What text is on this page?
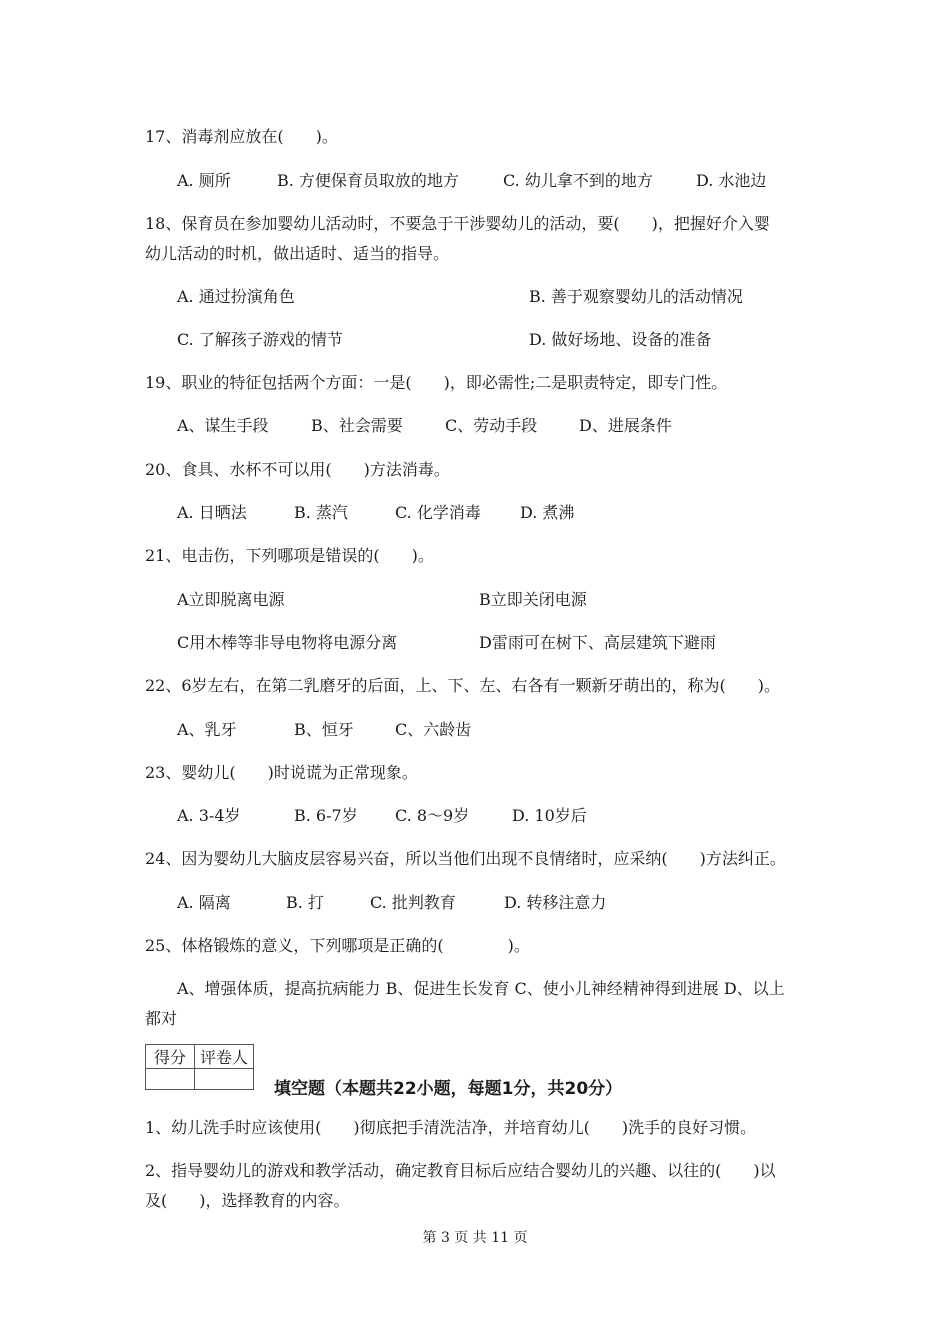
17、消毒剂应放在(　　)。
A. 厕所	B. 方便保育员取放的地方	C. 幼儿拿不到的地方	D. 水池边
18、保育员在参加婴幼儿活动时，不要急于干涉婴幼儿的活动，要(　　)，把握好介入婴
幼儿活动的时机，做出适时、适当的指导。
A. 通过扮演角色	B. 善于观察婴幼儿的活动情况
C. 了解孩子游戏的情节	D. 做好场地、设备的准备
19、职业的特征包括两个方面：一是(　　)，即必需性;二是职责特定，即专门性。
A、谋生手段	B、社会需要	C、劳动手段	D、进展条件
20、食具、水杯不可以用(　　)方法消毒。
A. 日晒法	B. 蒸汽	C. 化学消毒 D. 煮沸
21、电击伤，下列哪项是错误的(　　)。
A立即脱离电源	B立即关闭电源
C用木棒等非导电物将电源分离	D雷雨可在树下、高层建筑下避雨
22、6岁左右，在第二乳磨牙的后面，上、下、左、右各有一颗新牙萌出的，称为(　　)。
A、乳牙	B、恒牙	C、六龄齿
23、婴幼儿(　　)时说谎为正常现象。
A. 3-4岁	B. 6-7岁 C. 8～9岁	D. 10岁后
24、因为婴幼儿大脑皮层容易兴奋，所以当他们出现不良情绪时，应采纳(　　)方法纠正。
A. 隔离	B. 打	C. 批判教育	D. 转移注意力
25、体格锻炼的意义，下列哪项是正确的(　　　　)。
A、增强体质，提高抗病能力 B、促进生长发育 C、使小儿神经精神得到进展 D、以上
都对
得分	评卷人

填空题（本题共22小题，每题1分，共20分）
1、幼儿洗手时应该使用(　　)彻底把手清洗洁净，并培育幼儿(　　)洗手的良好习惯。
2、指导婴幼儿的游戏和教学活动，确定教育目标后应结合婴幼儿的兴趣、以往的(　　)以
及(　　)，选择教育的内容。
第 3 页 共 11 页
